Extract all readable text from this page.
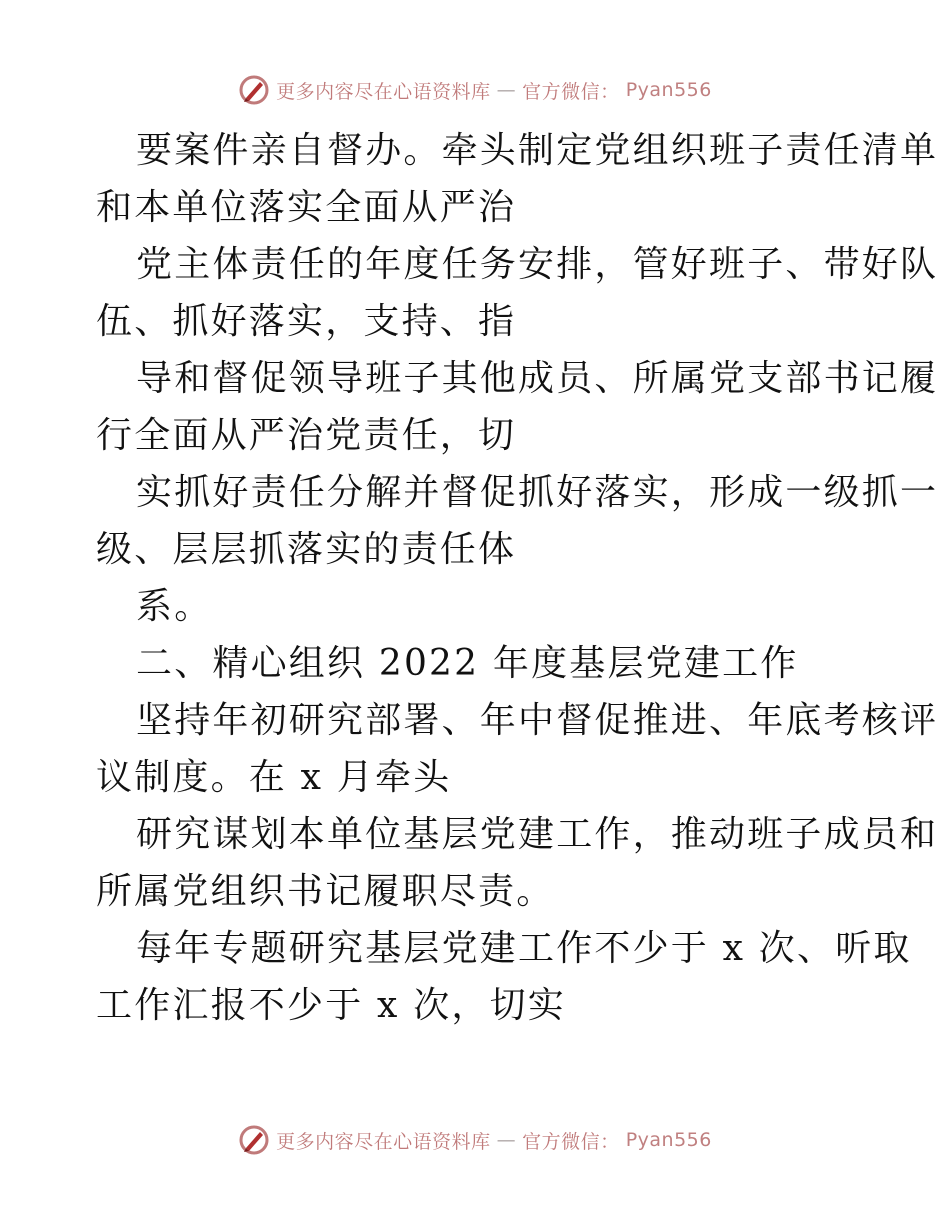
更多内容尽在心语资料库 — 官方微信： Pyan556
要案件亲自督办。牵头制定党组织班子责任清单
和本单位落实全面从严治
党主体责任的年度任务安排，管好班子、带好队
伍、抓好落实，支持、指
导和督促领导班子其他成员、所属党支部书记履
行全面从严治党责任，切
实抓好责任分解并督促抓好落实，形成一级抓一
级、层层抓落实的责任体
系。
二、精心组织 2022 年度基层党建工作
坚持年初研究部署、年中督促推进、年底考核评
议制度。在 x 月牵头
研究谋划本单位基层党建工作，推动班子成员和
所属党组织书记履职尽责。
每年专题研究基层党建工作不少于 x 次、听取
工作汇报不少于 x 次，切实
更多内容尽在心语资料库 — 官方微信： Pyan556
